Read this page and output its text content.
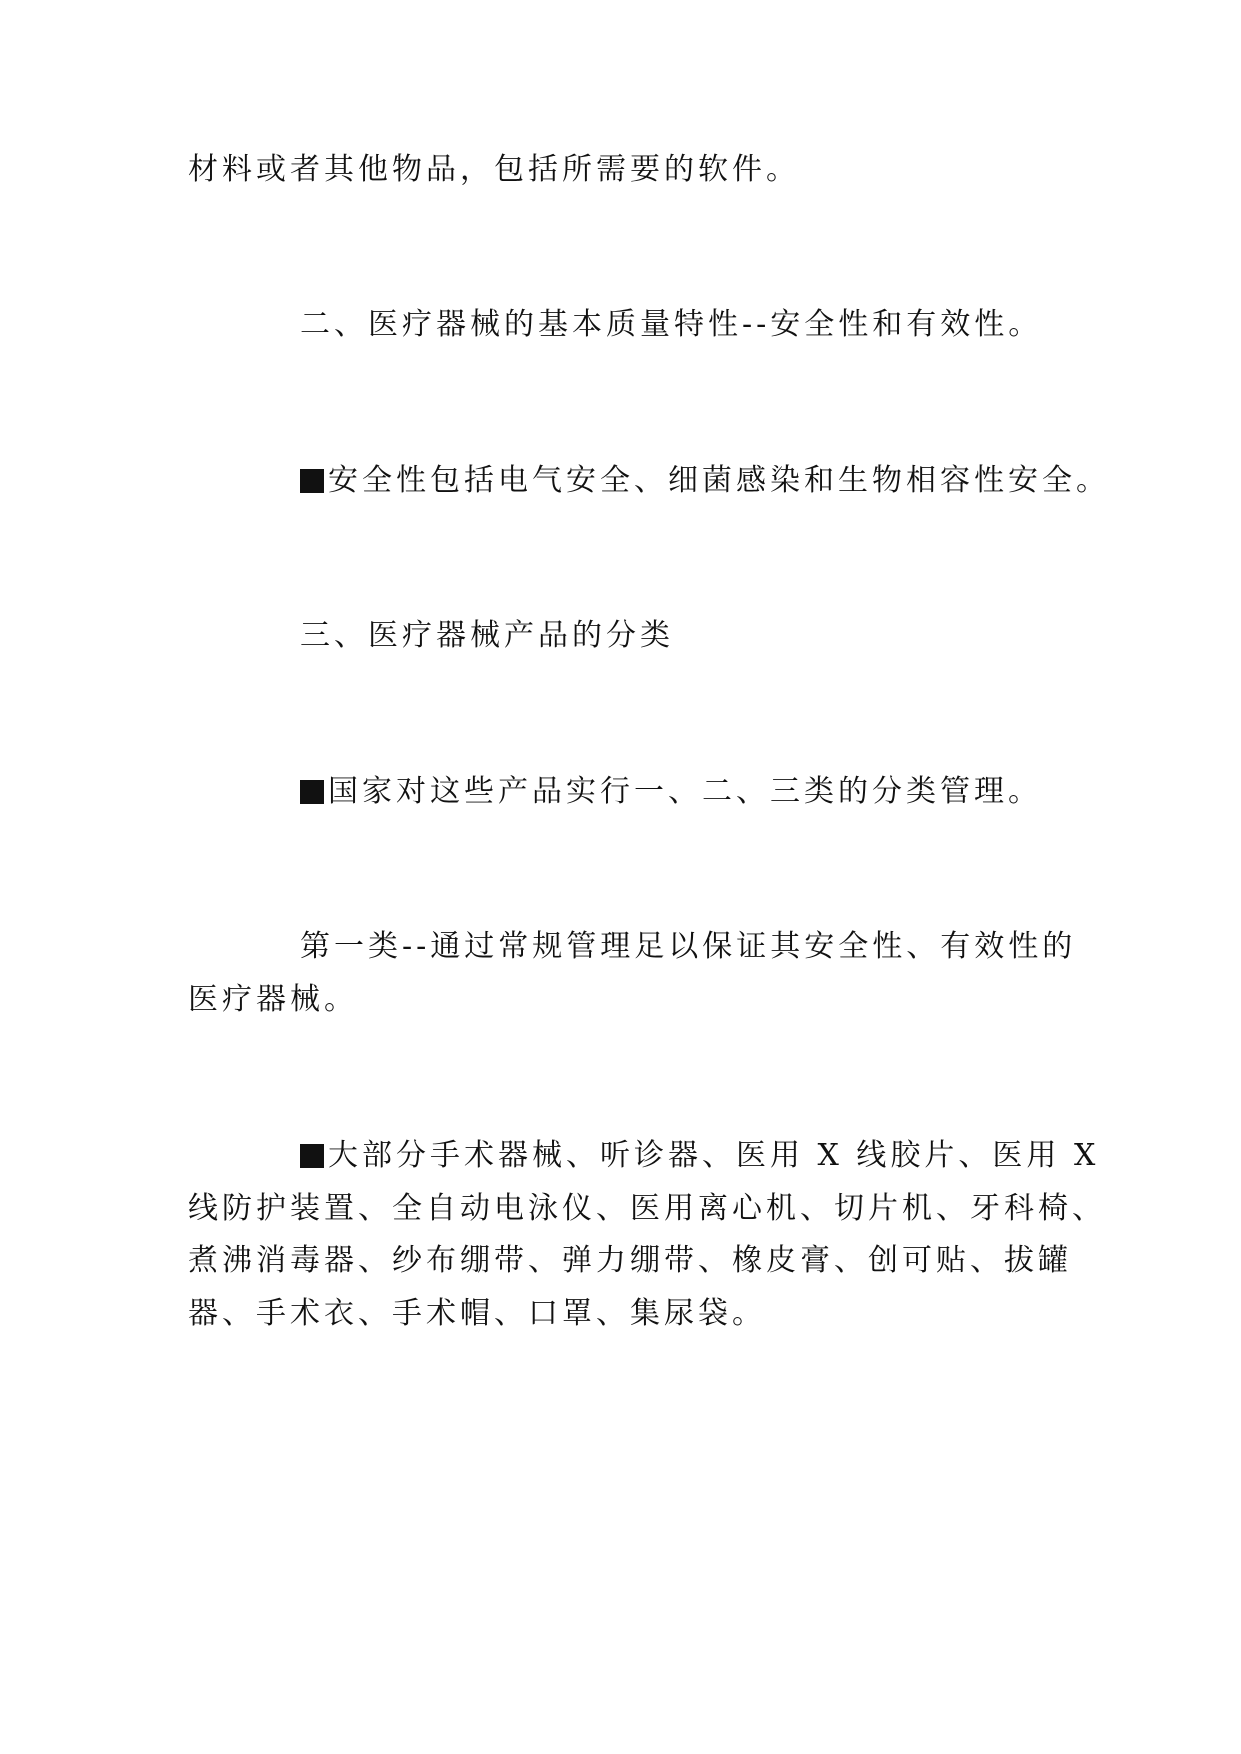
材料或者其他物品，包括所需要的软件。
二、医疗器械的基本质量特性--安全性和有效性。
安全性包括电气安全、细菌感染和生物相容性安全。
三、医疗器械产品的分类
国家对这些产品实行一、二、三类的分类管理。
第一类--通过常规管理足以保证其安全性、有效性的
医疗器械。
大部分手术器械、听诊器、医用 X 线胶片、医用 X
线防护装置、全自动电泳仪、医用离心机、切片机、牙科椅、
煮沸消毒器、纱布绷带、弹力绷带、橡皮膏、创可贴、拔罐
器、手术衣、手术帽、口罩、集尿袋。
